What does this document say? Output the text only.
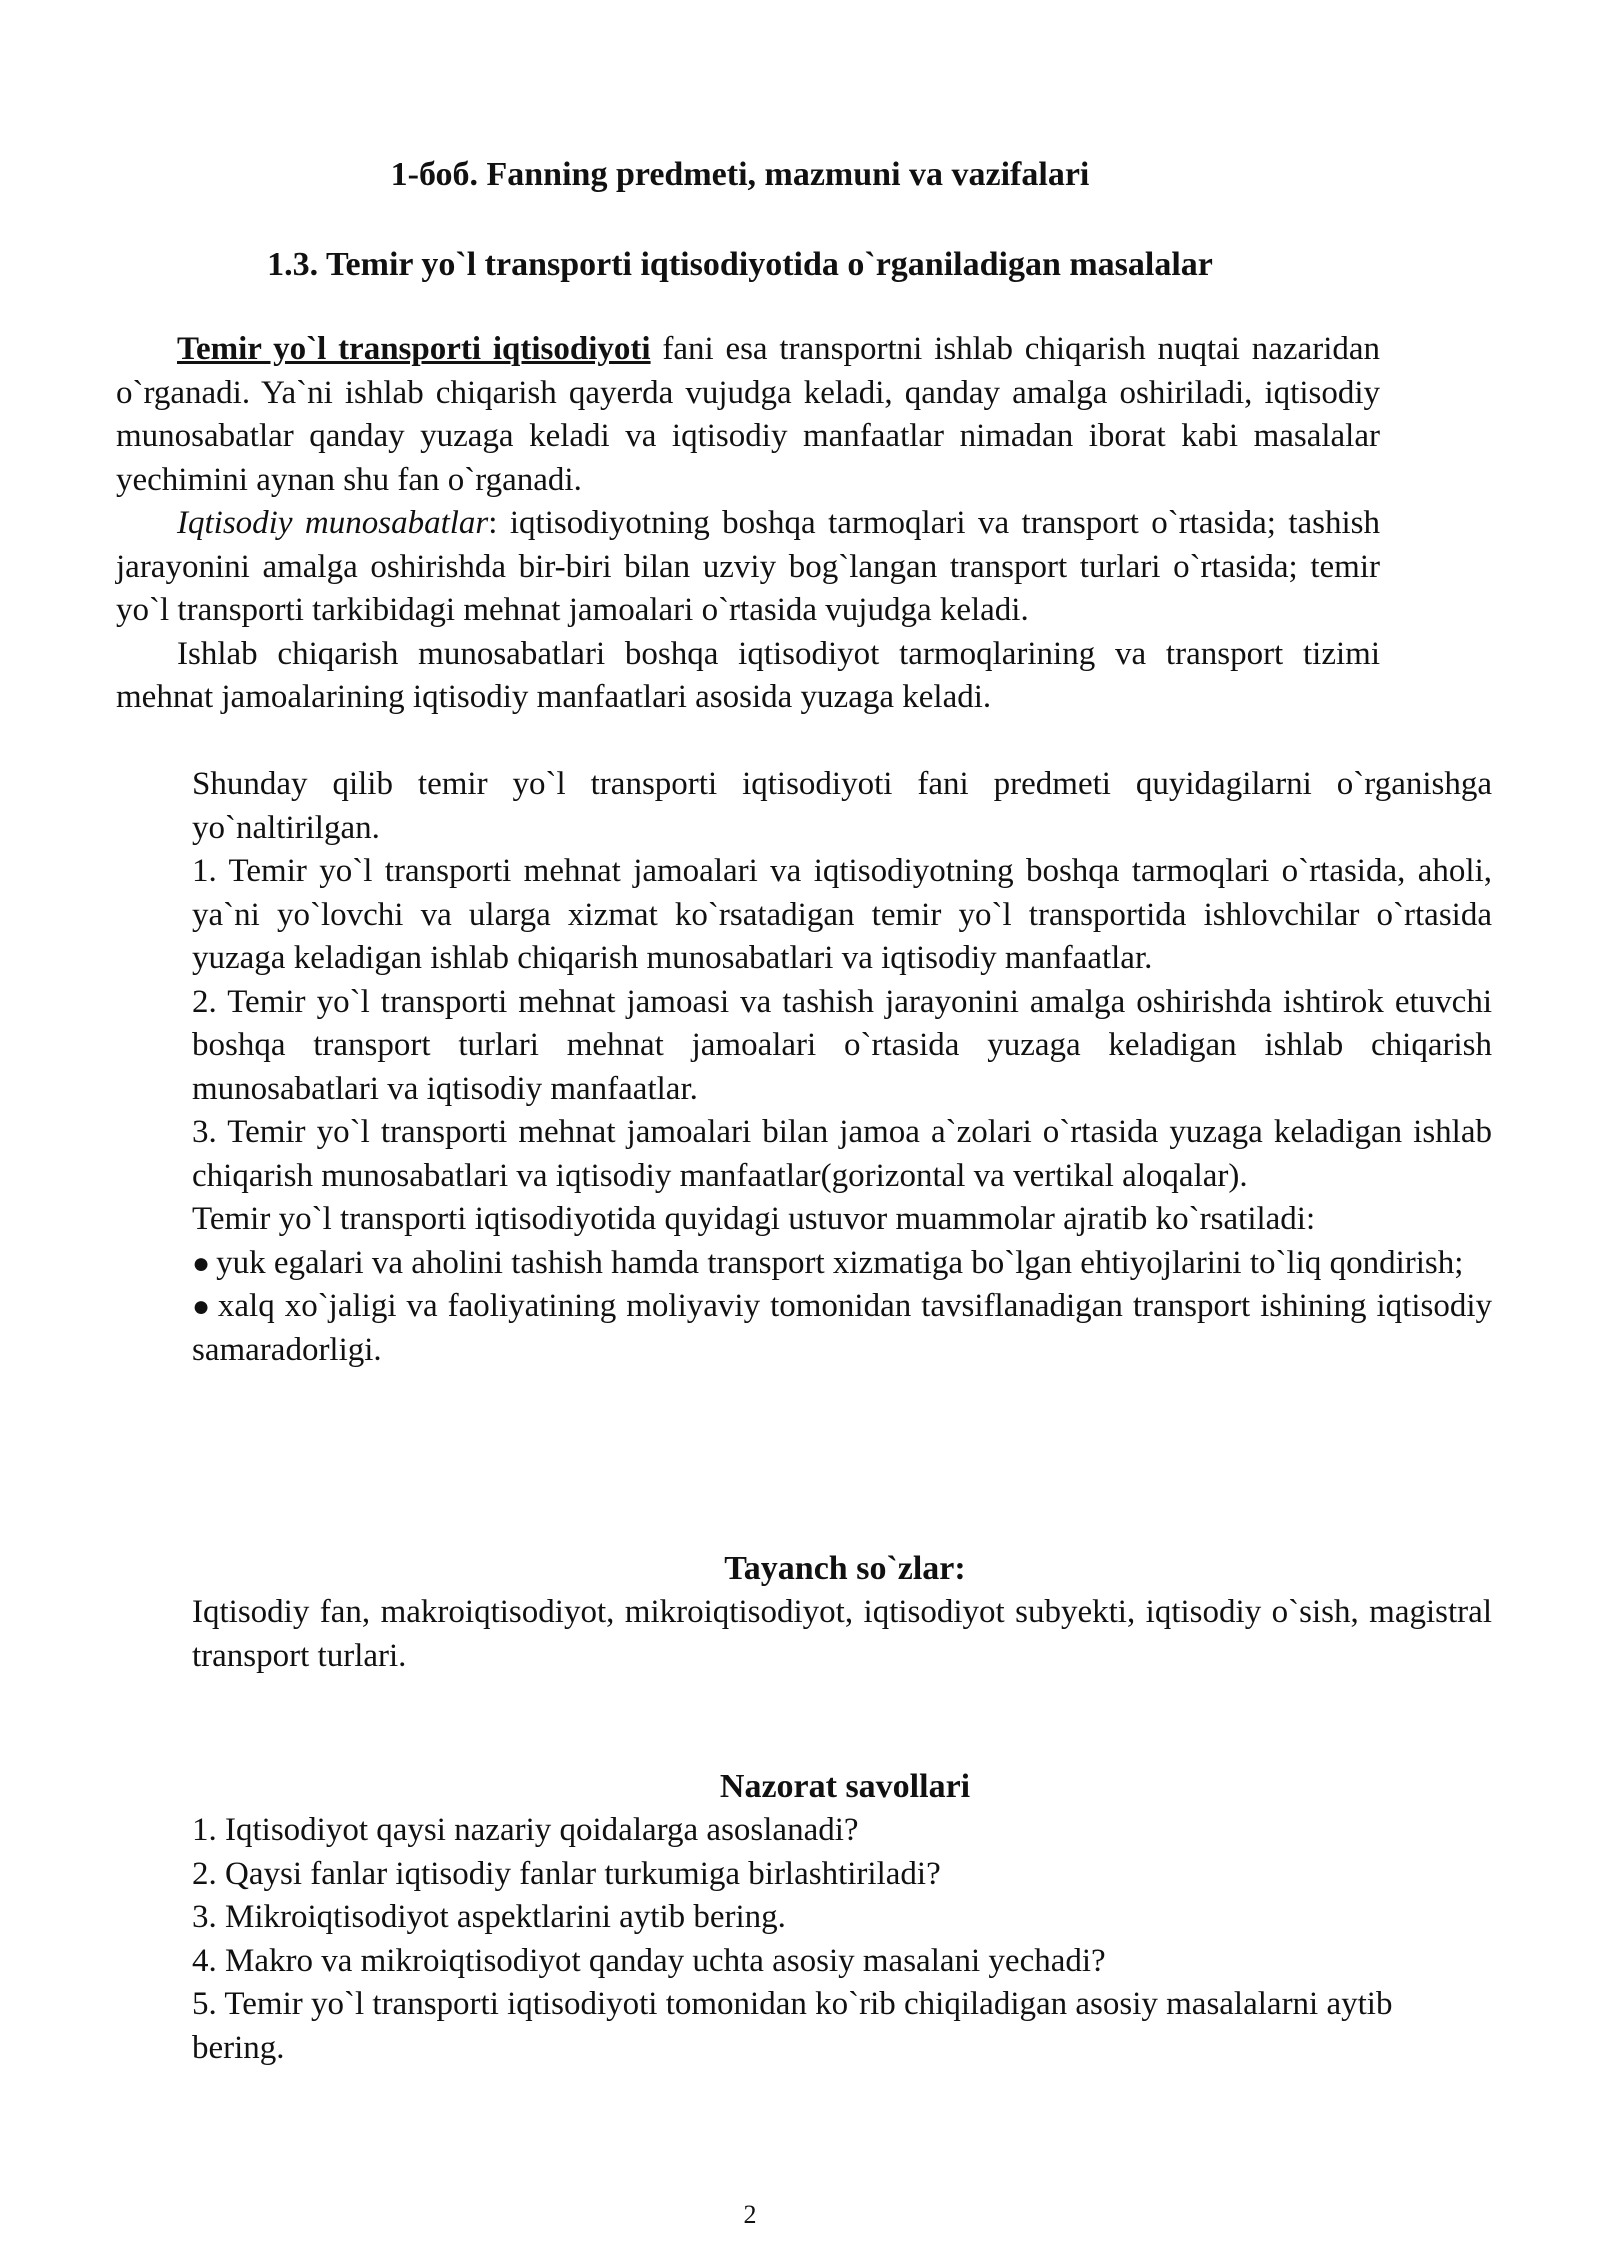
1-боб. Fanning predmeti, mazmuni va vazifalari
1.3. Temir yo`l transporti iqtisodiyotida o`rganiladigan masalalar

Temir yo`l transporti iqtisodiyoti fani esa transportni ishlab chiqarish nuqtai nazaridan o`rganadi. Ya`ni ishlab chiqarish qayerda vujudga keladi, qanday amalga oshiriladi, iqtisodiy munosabatlar qanday yuzaga keladi va iqtisodiy manfaatlar nimadan iborat kabi masalalar yechimini aynan shu fan o`rganadi.

Iqtisodiy munosabatlar: iqtisodiyotning boshqa tarmoqlari va transport o`rtasida; tashish jarayonini amalga oshirishda bir-biri bilan uzviy bog`langan transport turlari o`rtasida; temir yo`l transporti tarkibidagi mehnat jamoalari o`rtasida vujudga keladi.

Ishlab chiqarish munosabatlari boshqa iqtisodiyot tarmoqlarining va transport tizimi mehnat jamoalarining iqtisodiy manfaatlari asosida yuzaga keladi.

Shunday qilib temir yo`l transporti iqtisodiyoti fani predmeti quyidagilarni o`rganishga yo`naltirilgan.

1. Temir yo`l transporti mehnat jamoalari va iqtisodiyotning boshqa tarmoqlari o`rtasida, aholi, ya`ni yo`lovchi va ularga xizmat ko`rsatadigan temir yo`l transportida ishlovchilar o`rtasida yuzaga keladigan ishlab chiqarish munosabatlari va iqtisodiy manfaatlar.

2. Temir yo`l transporti mehnat jamoasi va tashish jarayonini amalga oshirishda ishtirok etuvchi boshqa transport turlari mehnat jamoalari o`rtasida yuzaga keladigan ishlab chiqarish munosabatlari va iqtisodiy manfaatlar.

3. Temir yo`l transporti mehnat jamoalari bilan jamoa a`zolari o`rtasida yuzaga keladigan ishlab chiqarish munosabatlari va iqtisodiy manfaatlar(gorizontal va vertikal aloqalar).

Temir yo`l transporti iqtisodiyotida quyidagi ustuvor muammolar ajratib ko`rsatiladi:

● yuk egalari va aholini tashish hamda transport xizmatiga bo`lgan ehtiyojlarini to`liq qondirish;

● xalq xo`jaligi va faoliyatining moliyaviy tomonidan tavsiflanadigan transport ishining iqtisodiy samaradorligi.

Tayanch so`zlar:

Iqtisodiy fan, makroiqtisodiyot, mikroiqtisodiyot, iqtisodiyot subyekti, iqtisodiy o`sish, magistral transport turlari.

Nazorat savollari

1. Iqtisodiyot qaysi nazariy qoidalarga asoslanadi?

2. Qaysi fanlar iqtisodiy fanlar turkumiga birlashtiriladi?

3. Mikroiqtisodiyot aspektlarini aytib bering.

4. Makro va mikroiqtisodiyot qanday uchta asosiy masalani yechadi?

5. Temir yo`l transporti iqtisodiyoti tomonidan ko`rib chiqiladigan asosiy masalalarni aytib bering.

2
